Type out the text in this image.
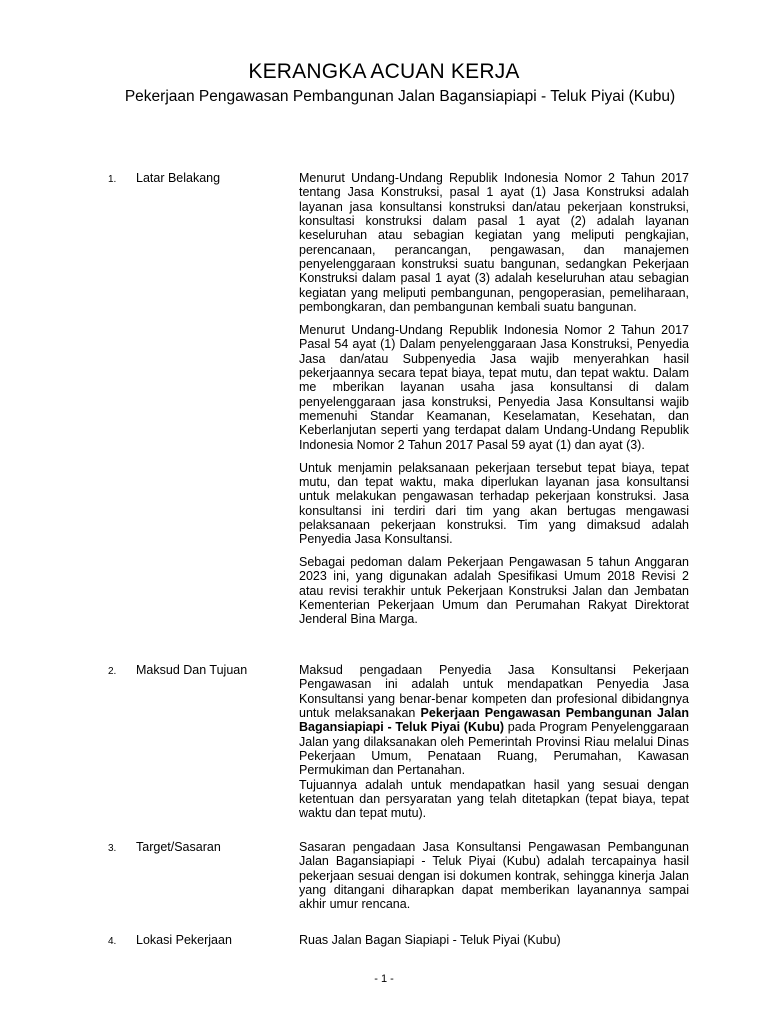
KERANGKA ACUAN KERJA
Pekerjaan Pengawasan Pembangunan Jalan Bagansiapiapi - Teluk Piyai (Kubu)
1. Latar Belakang	Menurut Undang-Undang Republik Indonesia Nomor 2 Tahun 2017 tentang Jasa Konstruksi, pasal 1 ayat (1) Jasa Konstruksi adalah layanan jasa konsultansi konstruksi dan/atau pekerjaan konstruksi, konsultasi konstruksi dalam pasal 1 ayat (2) adalah layanan keseluruhan atau sebagian kegiatan yang meliputi pengkajian, perencanaan, perancangan, pengawasan, dan manajemen penyelenggaraan konstruksi suatu bangunan, sedangkan Pekerjaan Konstruksi dalam pasal 1 ayat (3) adalah keseluruhan atau sebagian kegiatan yang meliputi pembangunan, pengoperasian, pemeliharaan, pembongkaran, dan pembangunan kembali suatu bangunan.

Menurut Undang-Undang Republik Indonesia Nomor 2 Tahun 2017 Pasal 54 ayat (1) Dalam penyelenggaraan Jasa Konstruksi, Penyedia Jasa dan/atau Subpenyedia Jasa wajib menyerahkan hasil pekerjaannya secara tepat biaya, tepat mutu, dan tepat waktu. Dalam me mberikan layanan usaha jasa konsultansi di dalam penyelenggaraan jasa konstruksi, Penyedia Jasa Konsultansi wajib memenuhi Standar Keamanan, Keselamatan, Kesehatan, dan Keberlanjutan seperti yang terdapat dalam Undang-Undang Republik Indonesia Nomor 2 Tahun 2017 Pasal 59 ayat (1) dan ayat (3).

Untuk menjamin pelaksanaan pekerjaan tersebut tepat biaya, tepat mutu, dan tepat waktu, maka diperlukan layanan jasa konsultansi untuk melakukan pengawasan terhadap pekerjaan konstruksi. Jasa konsultansi ini terdiri dari tim yang akan bertugas mengawasi pelaksanaan pekerjaan konstruksi. Tim yang dimaksud adalah Penyedia Jasa Konsultansi.

Sebagai pedoman dalam Pekerjaan Pengawasan 5 tahun Anggaran 2023 ini, yang digunakan adalah Spesifikasi Umum 2018 Revisi 2 atau revisi terakhir untuk Pekerjaan Konstruksi Jalan dan Jembatan Kementerian Pekerjaan Umum dan Perumahan Rakyat Direktorat Jenderal Bina Marga.

2. Maksud Dan Tujuan	Maksud pengadaan Penyedia Jasa Konsultansi Pekerjaan Pengawasan ini adalah untuk mendapatkan Penyedia Jasa Konsultansi yang benar-benar kompeten dan profesional dibidangnya untuk melaksanakan Pekerjaan Pengawasan Pembangunan Jalan Bagansiapiapi - Teluk Piyai (Kubu) pada Program Penyelenggaraan Jalan yang dilaksanakan oleh Pemerintah Provinsi Riau melalui Dinas Pekerjaan Umum, Penataan Ruang, Perumahan, Kawasan Permukiman dan Pertanahan.

Tujuannya adalah untuk mendapatkan hasil yang sesuai dengan ketentuan dan persyaratan yang telah ditetapkan (tepat biaya, tepat waktu dan tepat mutu).

3. Target/Sasaran	Sasaran pengadaan Jasa Konsultansi Pengawasan Pembangunan Jalan Bagansiapiapi - Teluk Piyai (Kubu) adalah tercapainya hasil pekerjaan sesuai dengan isi dokumen kontrak, sehingga kinerja Jalan yang ditangani diharapkan dapat memberikan layanannya sampai akhir umur rencana.

4. Lokasi Pekerjaan	Ruas Jalan Bagan Siapiapi - Teluk Piyai (Kubu)

- 1 -
